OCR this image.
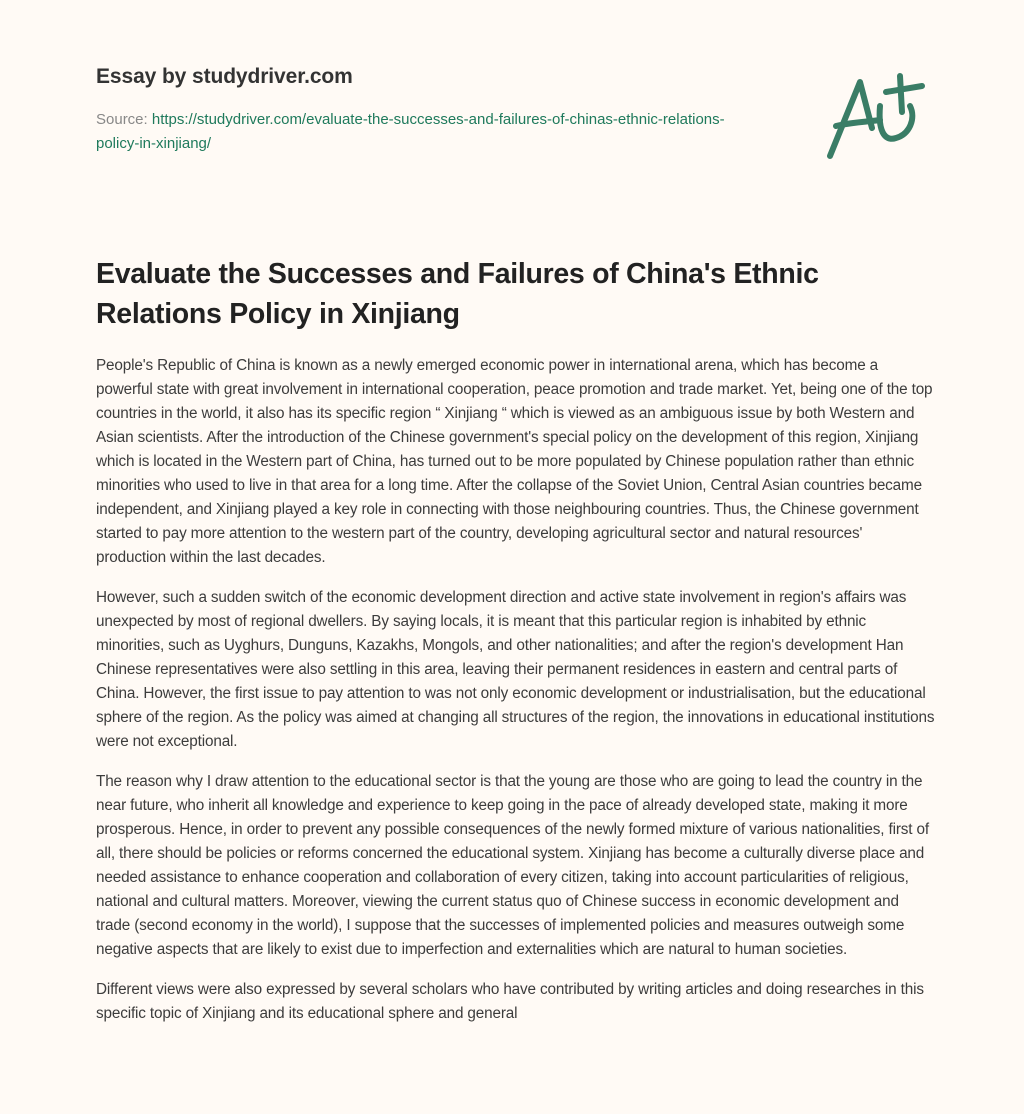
Essay by studydriver.com
Source: https://studydriver.com/evaluate-the-successes-and-failures-of-chinas-ethnic-relations-policy-in-xinjiang/
Evaluate the Successes and Failures of China's Ethnic Relations Policy in Xinjiang

People's Republic of China is known as a newly emerged economic power in international arena, which has become a powerful state with great involvement in international cooperation, peace promotion and trade market. Yet, being one of the top countries in the world, it also has its specific region “ Xinjiang “ which is viewed as an ambiguous issue by both Western and Asian scientists. After the introduction of the Chinese government's special policy on the development of this region, Xinjiang which is located in the Western part of China, has turned out to be more populated by Chinese population rather than ethnic minorities who used to live in that area for a long time. After the collapse of the Soviet Union, Central Asian countries became independent, and Xinjiang played a key role in connecting with those neighbouring countries. Thus, the Chinese government started to pay more attention to the western part of the country, developing agricultural sector and natural resources' production within the last decades.

However, such a sudden switch of the economic development direction and active state involvement in region's affairs was unexpected by most of regional dwellers. By saying locals, it is meant that this particular region is inhabited by ethnic minorities, such as Uyghurs, Dunguns, Kazakhs, Mongols, and other nationalities; and after the region's development Han Chinese representatives were also settling in this area, leaving their permanent residences in eastern and central parts of China. However, the first issue to pay attention to was not only economic development or industrialisation, but the educational sphere of the region. As the policy was aimed at changing all structures of the region, the innovations in educational institutions were not exceptional.

The reason why I draw attention to the educational sector is that the young are those who are going to lead the country in the near future, who inherit all knowledge and experience to keep going in the pace of already developed state, making it more prosperous. Hence, in order to prevent any possible consequences of the newly formed mixture of various nationalities, first of all, there should be policies or reforms concerned the educational system. Xinjiang has become a culturally diverse place and needed assistance to enhance cooperation and collaboration of every citizen, taking into account particularities of religious, national and cultural matters. Moreover, viewing the current status quo of Chinese success in economic development and trade (second economy in the world), I suppose that the successes of implemented policies and measures outweigh some negative aspects that are likely to exist due to imperfection and externalities which are natural to human societies.

Different views were also expressed by several scholars who have contributed by writing articles and doing researches in this specific topic of Xinjiang and its educational sphere and general
